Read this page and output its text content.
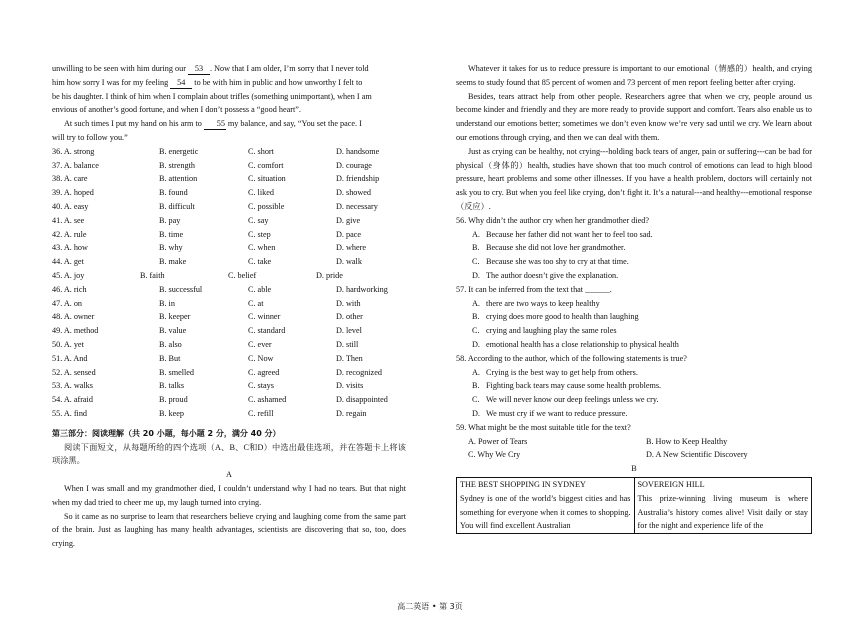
unwilling to be seen with him during our 53 . Now that I am older, I’m sorry that I never told

him how sorry I was for my feeling 54 to be with him in public and how unworthy I felt to

be his daughter. I think of him when I complain about trifles (something unimportant), when I am

envious of another’s good fortune, and when I don’t possess a “good heart”.

At such times I put my hand on his arm to 55 my balance, and say, “You set the pace. I

will try to follow you.”

36. A. strong	B. energetic	C. short	D. handsome
37. A. balance	B. strength	C. comfort	D. courage
38. A. care	B. attention	C. situation	D. friendship
39. A. hoped	B. found	C. liked	D. showed
40. A. easy	B. difficult	C. possible	D. necessary
41. A. see	B. pay	C. say	D. give
42. A. rule	B. time	C. step	D. pace
43. A. how	B. why	C. when	D. where
44. A. get	B. make	C. take	D. walk
45. A. joy	B. faith	C. belief	D. pride
46. A. rich	B. successful	C. able	D. hardworking
47. A. on	B. in	C. at	D. with
48. A. owner	B. keeper	C. winner	D. other
49. A. method	B. value	C. standard	D. level
50. A. yet	B. also	C. ever	D. still
51. A. And	B. But	C. Now	D. Then
52. A. sensed	B. smelled	C. agreed	D. recognized
53. A. walks	B. talks	C. stays	D. visits
54. A. afraid	B. proud	C. ashamed	D. disappointed
55. A. find	B. keep	C. refill	D. regain

第三部分：阅读理解（共 20 小题，每小题 2 分，满分 40 分）

阅读下面短文，从每题所给的四个选项（A、B、C和D）中选出最佳选项，并在答题卡上将该项涂黑。

A

When I was small and my grandmother died, I couldn’t understand why I had no tears. But that night when my dad tried to cheer me up, my laugh turned into crying.

So it came as no surprise to learn that researchers believe crying and laughing come from the same part of the brain. Just as laughing has many health advantages, scientists are discovering that so, too, does crying.

Whatever it takes for us to reduce pressure is important to our emotional（情感的）health, and crying seems to study found that 85 percent of women and 73 percent of men report feeling better after crying.

Besides, tears attract help from other people. Researchers agree that when we cry, people around us become kinder and friendly and they are more ready to provide support and comfort. Tears also enable us to understand our emotions better; sometimes we don’t even know we’re very sad until we cry. We learn about our emotions through crying, and then we can deal with them.

Just as crying can be healthy, not crying---holding back tears of anger, pain or suffering---can be bad for physical（身体的）health, studies have shown that too much control of emotions can lead to high blood pressure, heart problems and some other illnesses. If you have a health problem, doctors will certainly not ask you to cry. But when you feel like crying, don’t fight it. It’s a natural---and healthy---emotional response（反应）.

56. Why didn’t the author cry when her grandmother died?

A. Because her father did not want her to feel too sad.
B. Because she did not love her grandmother.
C. Because she was too shy to cry at that time.
D. The author doesn’t give the explanation.

57. It can be inferred from the text that ______.

A. there are two ways to keep healthy
B. crying does more good to health than laughing
C. crying and laughing play the same roles
D. emotional health has a close relationship to physical health

58. According to the author, which of the following statements is true?

A. Crying is the best way to get help from others.
B. Fighting back tears may cause some health problems.
C. We will never know our deep feelings unless we cry.
D. We must cry if we want to reduce pressure.

59. What might be the most suitable title for the text?

A. Power of Tears	B. How to Keep Healthy
C. Why We Cry	D. A New Scientific Discovery

B

THE BEST SHOPPING IN SYDNEY

Sydney is one of the world’s biggest cities and has something for everyone when it comes to shopping. You will find excellent Australian

SOVEREIGN HILL

This prize-winning living museum is where Australia’s history comes alive! Visit daily or stay for the night and experience life of the

高二英语 • 第 3页
